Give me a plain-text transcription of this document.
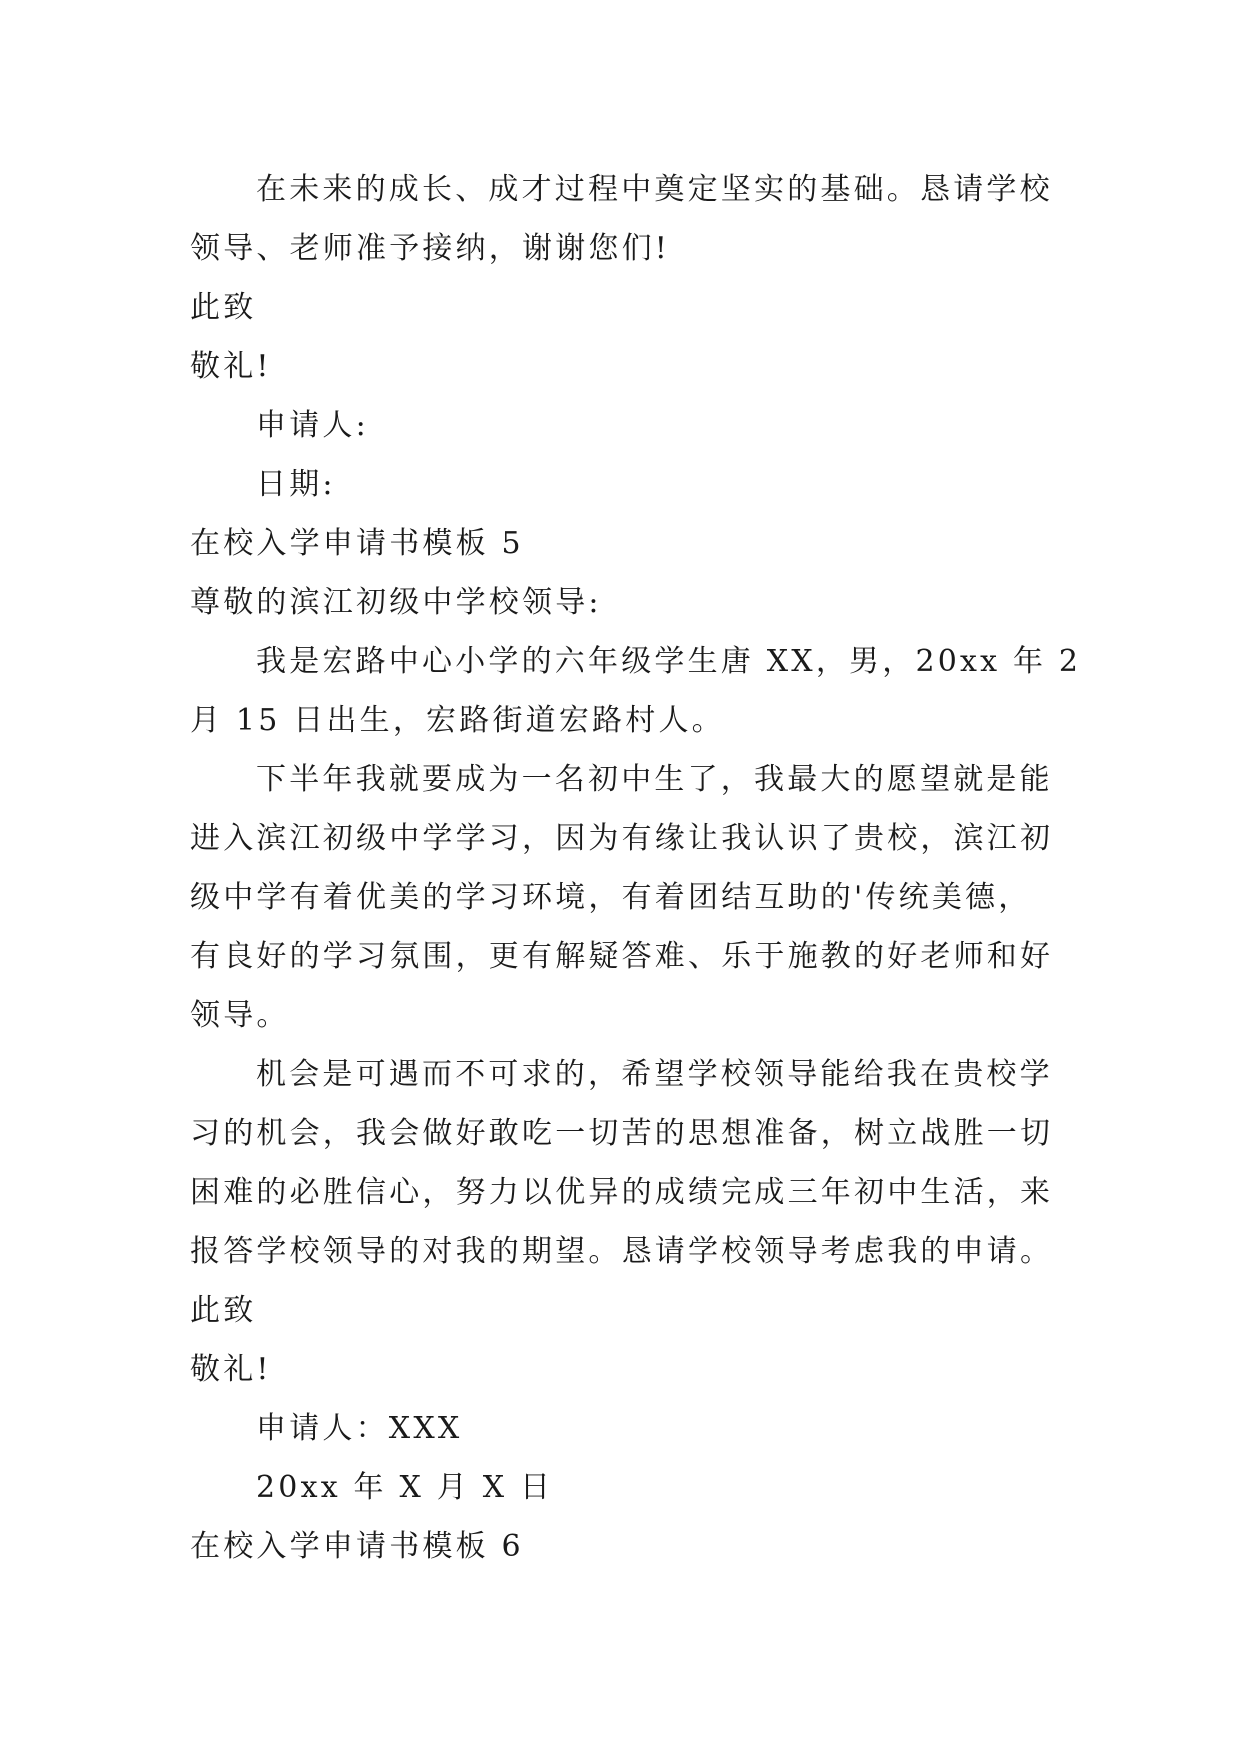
在未来的成长、成才过程中奠定坚实的基础。恳请学校
领导、老师准予接纳，谢谢您们!
此致
敬礼!
申请人:
日期:
在校入学申请书模板 5
尊敬的滨江初级中学校领导:
我是宏路中心小学的六年级学生唐 XX，男，20xx 年 2
月 15 日出生，宏路街道宏路村人。
下半年我就要成为一名初中生了，我最大的愿望就是能
进入滨江初级中学学习，因为有缘让我认识了贵校，滨江初
级中学有着优美的学习环境，有着团结互助的'传统美德，
有良好的学习氛围，更有解疑答难、乐于施教的好老师和好
领导。
机会是可遇而不可求的，希望学校领导能给我在贵校学
习的机会，我会做好敢吃一切苦的思想准备，树立战胜一切
困难的必胜信心，努力以优异的成绩完成三年初中生活，来
报答学校领导的对我的期望。恳请学校领导考虑我的申请。
此致
敬礼!
申请人：XXX
20xx 年 X 月 X 日
在校入学申请书模板 6
